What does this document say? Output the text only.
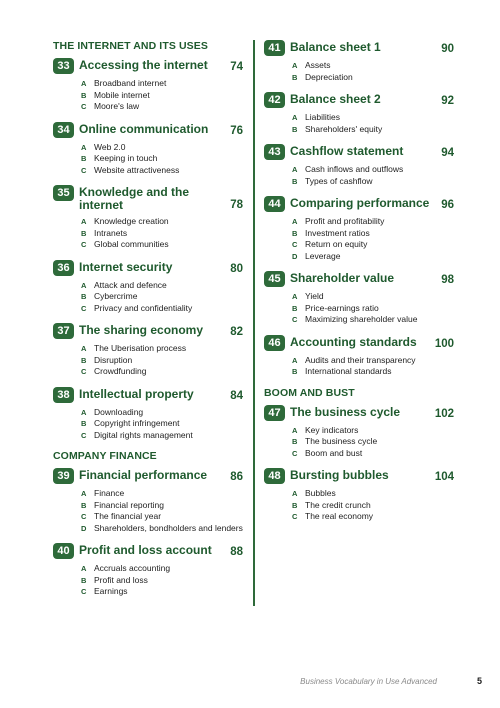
THE INTERNET AND ITS USES
33 Accessing the internet	74
A Broadband internet
B Mobile internet
C Moore's law
34 Online communication	76
A Web 2.0
B Keeping in touch
C Website attractiveness
35 Knowledge and the internet	78
A Knowledge creation
B Intranets
C Global communities
36 Internet security	80
A Attack and defence
B Cybercrime
C Privacy and confidentiality
37 The sharing economy	82
A The Uberisation process
B Disruption
C Crowdfunding
38 Intellectual property	84
A Downloading
B Copyright infringement
C Digital rights management
COMPANY FINANCE
39 Financial performance	86
A Finance
B Financial reporting
C The financial year
D Shareholders, bondholders and lenders
40 Profit and loss account	88
A Accruals accounting
B Profit and loss
C Earnings
41 Balance sheet 1	90
A Assets
B Depreciation
42 Balance sheet 2	92
A Liabilities
B Shareholders' equity
43 Cashflow statement	94
A Cash inflows and outflows
B Types of cashflow
44 Comparing performance	96
A Profit and profitability
B Investment ratios
C Return on equity
D Leverage
45 Shareholder value	98
A Yield
B Price-earnings ratio
C Maximizing shareholder value
46 Accounting standards	100
A Audits and their transparency
B International standards
BOOM AND BUST
47 The business cycle	102
A Key indicators
B The business cycle
C Boom and bust
48 Bursting bubbles	104
A Bubbles
B The credit crunch
C The real economy
Business Vocabulary in Use Advanced	5
